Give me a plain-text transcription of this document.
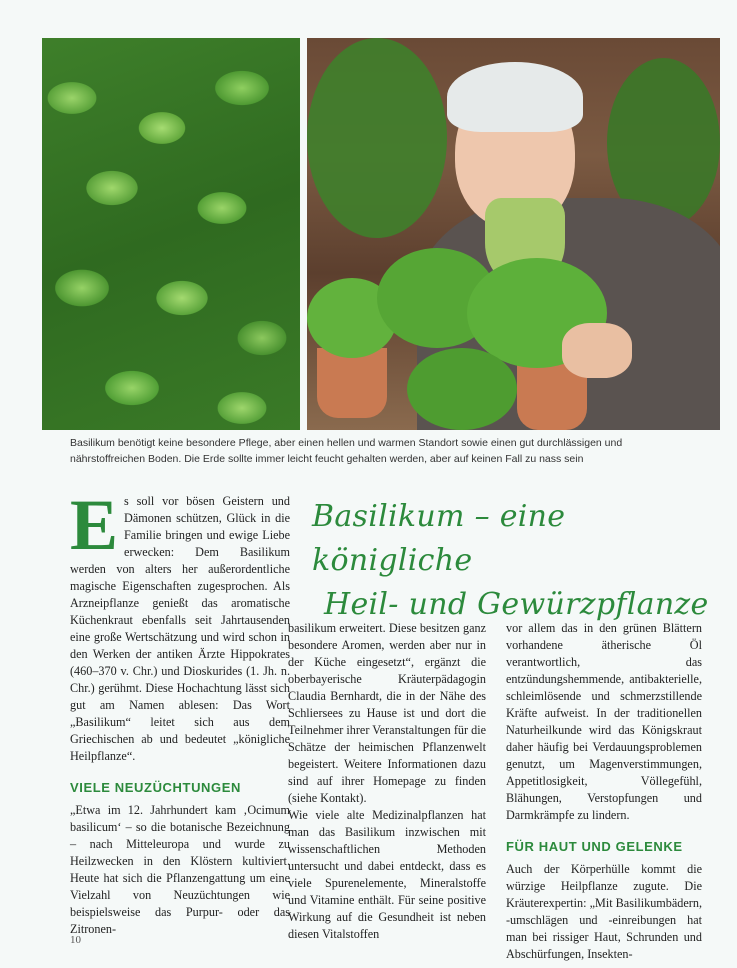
Basilikum benötigt keine besondere Pflege, aber einen hellen und warmen Standort sowie einen gut durchlässigen und nährstoffreichen Boden. Die Erde sollte immer leicht feucht gehalten werden, aber auf keinen Fall zu nass sein

Basilikum – eine königliche
Heil- und Gewürzpflanze

Es soll vor bösen Geistern und Dämonen schützen, Glück in die Familie bringen und ewige Liebe erwecken: Dem Basilikum werden von alters her außerordentliche magische Eigenschaften zugesprochen. Als Arzneipflanze genießt das aromatische Küchenkraut ebenfalls seit Jahrtausenden eine große Wertschätzung und wird schon in den Werken der antiken Ärzte Hippokrates (460–370 v. Chr.) und Dioskurides (1. Jh. n. Chr.) gerühmt. Diese Hochachtung lässt sich gut am Namen ablesen: Das Wort „Basilikum“ leitet sich aus dem Griechischen ab und bedeutet „königliche Heilpflanze“.

VIELE NEUZÜCHTUNGEN

„Etwa im 12. Jahrhundert kam ‚Ocimum basilicum‘ – so die botanische Bezeichnung – nach Mitteleuropa und wurde zu Heilzwecken in den Klöstern kultiviert. Heute hat sich die Pflanzengattung um eine Vielzahl von Neuzüchtungen wie beispielsweise das Purpur- oder das Zitronen-

basilikum erweitert. Diese besitzen ganz besondere Aromen, werden aber nur in der Küche eingesetzt“, ergänzt die oberbayerische Kräuterpädagogin Claudia Bernhardt, die in der Nähe des Schliersees zu Hause ist und dort die Teilnehmer ihrer Veranstaltungen für die Schätze der heimischen Pflanzenwelt begeistert. Weitere Informationen dazu sind auf ihrer Homepage zu finden (siehe Kontakt).

Wie viele alte Medizinalpflanzen hat man das Basilikum inzwischen mit wissenschaftlichen Methoden untersucht und dabei entdeckt, dass es viele Spurenelemente, Mineralstoffe und Vitamine enthält. Für seine positive Wirkung auf die Gesundheit ist neben diesen Vitalstoffen

vor allem das in den grünen Blättern vorhandene ätherische Öl verantwortlich, das entzündungshemmende, antibakterielle, schleimlösende und schmerzstillende Kräfte aufweist. In der traditionellen Naturheilkunde wird das Königskraut daher häufig bei Verdauungsproblemen genutzt, um Magenverstimmungen, Appetitlosigkeit, Völlegefühl, Blähungen, Verstopfungen und Darmkrämpfe zu lindern.

FÜR HAUT UND GELENKE

Auch der Körperhülle kommt die würzige Heilpflanze zugute. Die Kräuterexpertin: „Mit Basilikumbädern, -umschlägen und -einreibungen hat man bei rissiger Haut, Schrunden und Abschürfungen, Insekten-

10
